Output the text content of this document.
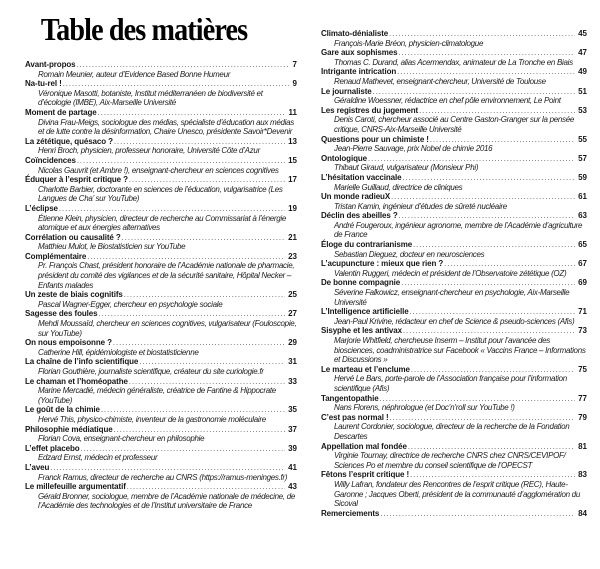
Table des matières
Avant-propos .....	7
Romain Meunier, auteur d’Evidence Based Bonne Humeur
Na-tu-rel ! .....	9
Véronique Masotti, botaniste, Institut méditerranéen de biodiversité et d’écologie (IMBE), Aix-Marseille Université
Moment de partage .....	11
Divina Frau-Meigs, sociologue des médias, spécialiste d’éducation aux médias et de lutte contre la désinformation, Chaire Unesco, présidente Savoir*Devenir
La zététique, quésaco ? .....	13
Henri Broch, physicien, professeur honoraire, Université Côte d’Azur
Coïncidences .....	15
Nicolas Gauvrit (et Ambre !), enseignant-chercheur en sciences cognitives
Éduquer à l’esprit critique ? .....	17
Charlotte Barbier, doctorante en sciences de l’éducation, vulgarisatrice (Les Langues de Cha’ sur YouTube)
L’éclipse .....	19
Étienne Klein, physicien, directeur de recherche au Commissariat à l’énergie atomique et aux énergies alternatives
Corrélation ou causalité ? .....	21
Matthieu Mulot, le Biostatisticien sur YouTube
Complémentaire .....	23
Pr. François Chast, président honoraire de l’Académie nationale de pharmacie, président du comité des vigilances et de la sécurité sanitaire, Hôpital Necker – Enfants malades
Un zeste de biais cognitifs .....	25
Pascal Wagner-Egger, chercheur en psychologie sociale
Sagesse des foules .....	27
Mehdi Moussaïd, chercheur en sciences cognitives, vulgarisateur (Fouloscopie, sur YouTube)
On nous empoisonne ? .....	29
Catherine Hill, épidémiologiste et biostatisticienne
La chaîne de l’info scientifique .....	31
Florian Gouthière, journaliste scientifique, créateur du site curiologie.fr
Le chaman et l’homéopathe .....	33
Marine Mercadié, médecin généraliste, créatrice de Fantine & Hippocrate (YouTube)
Le goût de la chimie .....	35
Hervé This, physico-chimiste, inventeur de la gastronomie moléculaire
Philosophie médiatique .....	37
Florian Cova, enseignant-chercheur en philosophie
L’effet placebo .....	39
Edzard Ernst, médecin et professeur
L’aveu .....	41
Franck Ramus, directeur de recherche au CNRS (https://ramus-meninges.fr)
Le millefeuille argumentatif .....	43
Gérald Bronner, sociologue, membre de l’Académie nationale de médecine, de l’Académie des technologies et de l’Institut universitaire de France
Climato-dénialiste .....	45
François-Marie Bréon, physicien-climatologue
Gare aux sophismes .....	47
Thomas C. Durand, alias Acermendax, animateur de La Tronche en Biais
Intrigante intrication .....	49
Renaud Mathevet, enseignant-chercheur, Université de Toulouse
Le journaliste .....	51
Géraldine Woessner, rédactrice en chef pôle environnement, Le Point
Les registres du jugement .....	53
Denis Caroti, chercheur associé au Centre Gaston-Granger sur la pensée critique, CNRS-Aix-Marseille Université
Questions pour un chimiste ! .....	55
Jean-Pierre Sauvage, prix Nobel de chimie 2016
Ontologique .....	57
Thibaut Giraud, vulgarisateur (Monsieur Phi)
L’hésitation vaccinale .....	59
Marielle Guillaud, directrice de cliniques
Un monde radieuX .....	61
Tristan Kamin, ingénieur d’études de sûreté nucléaire
Déclin des abeilles ? .....	63
André Fougeroux, ingénieur agronome, membre de l’Académie d’agriculture de France
Éloge du contrarianisme .....	65
Sebastian Dieguez, docteur en neurosciences
L’acupuncture : mieux que rien ? .....	67
Valentin Ruggeri, médecin et président de l’Observatoire zététique (OZ)
De bonne compagnie .....	69
Séverine Falkowicz, enseignant-chercheur en psychologie, Aix-Marseille Université
L’Intelligence artificielle .....	71
Jean-Paul Krivine, rédacteur en chef de Science & pseudo-sciences (Afis)
Sisyphe et les antivax .....	73
Marjorie Whitfield, chercheuse Inserm – Institut pour l’avancée des biosciences, coadministratrice sur Facebook « Vaccins France – Informations et Discussions »
Le marteau et l’enclume .....	75
Hervé Le Bars, porte-parole de l’Association française pour l’information scientifique (Afis)
Tangentopathie .....	77
Nans Florens, néphrologue (et Doc’n’roll sur YouTube !)
C’est pas normal ! .....	79
Laurent Cordonier, sociologue, directeur de la recherche de la Fondation Descartes
Appellation mal fondée .....	81
Virginie Tournay, directrice de recherche CNRS chez CNRS/CEVIPOF/ Sciences Po et membre du conseil scientifique de l’OPECST
Fêtons l’esprit critique ! .....	83
Willy Lafran, fondateur des Rencontres de l’esprit critique (REC), Haute-Garonne ; Jacques Oberti, président de la communauté d’agglomération du Sicoval
Remerciements .....	84
